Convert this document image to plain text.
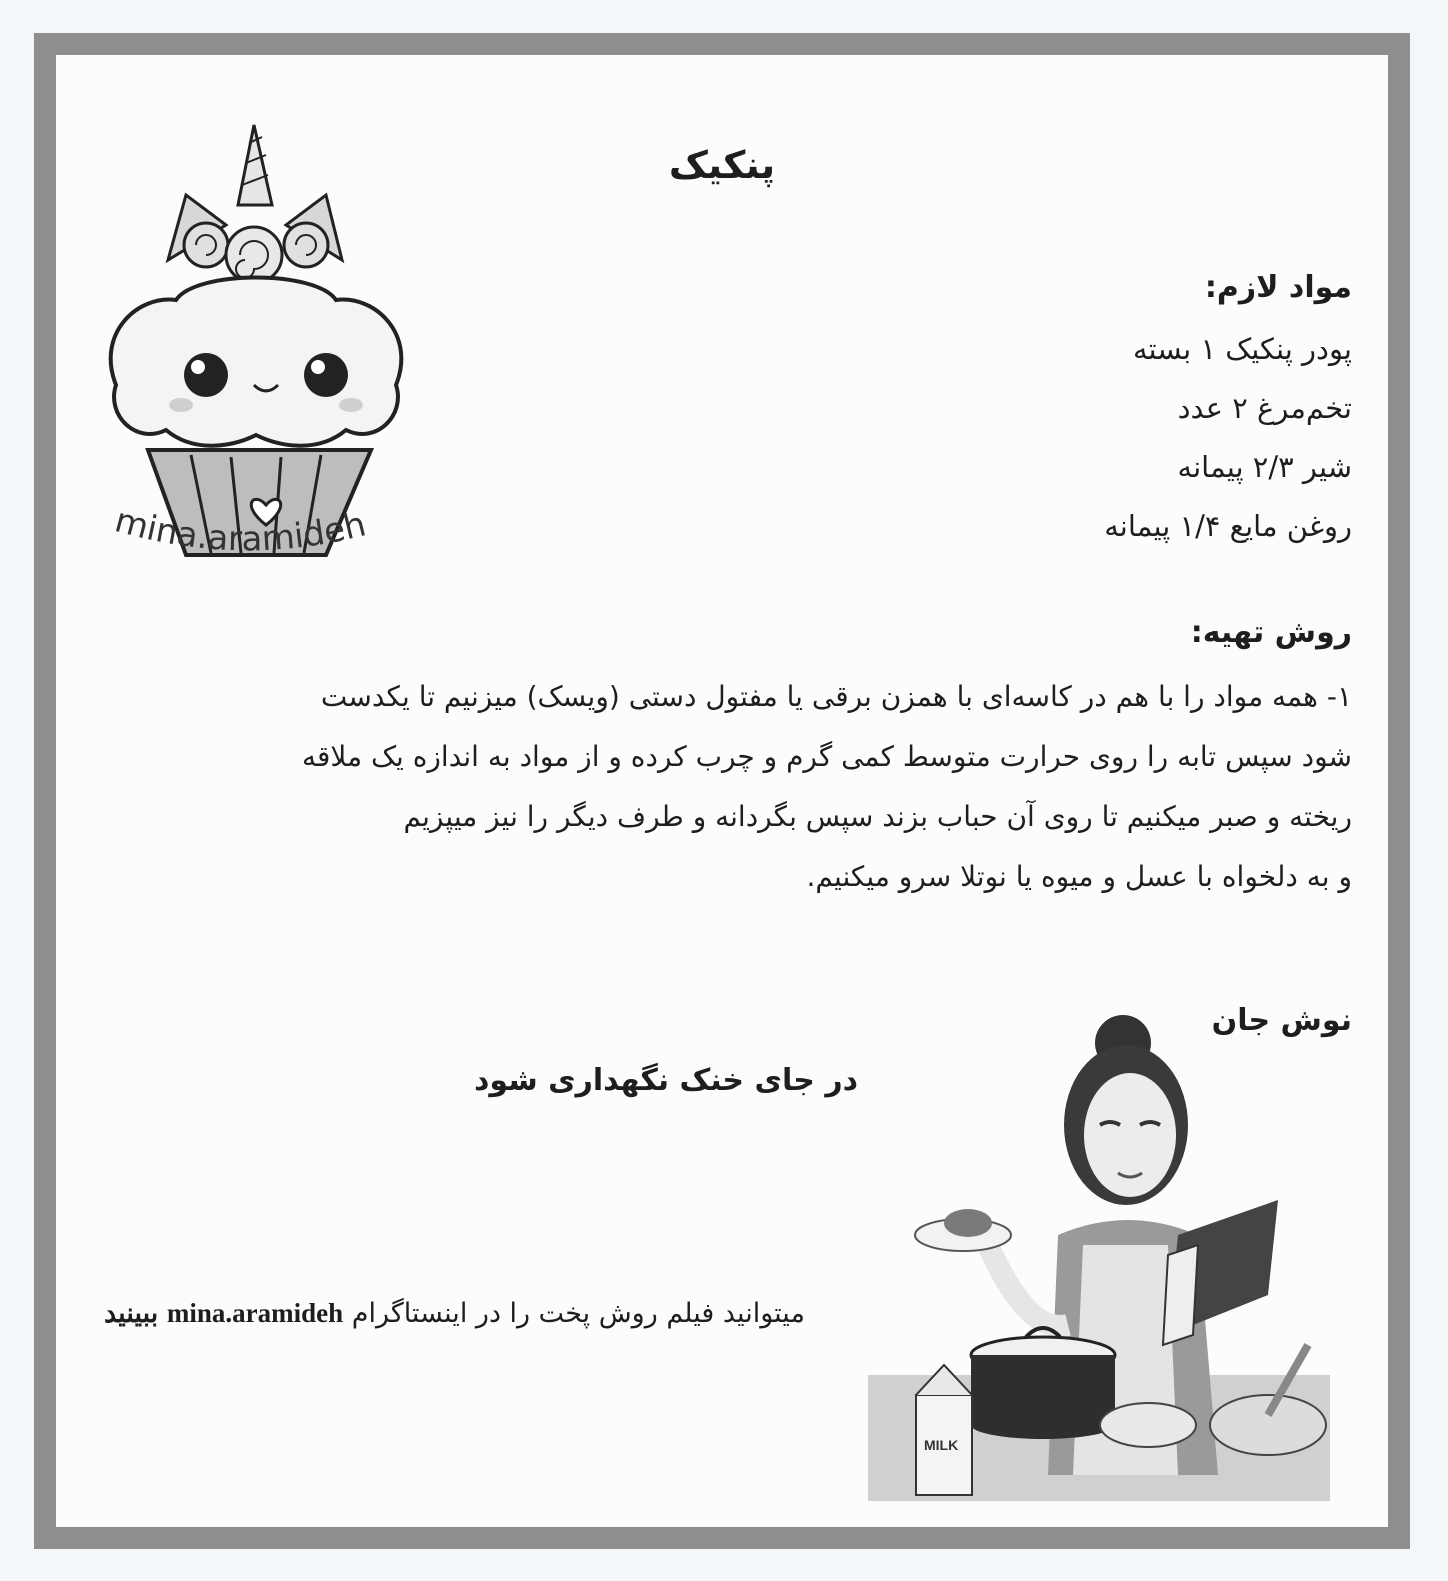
mina.aramideh
پنکیک
مواد لازم:
پودر پنکیک ۱ بسته
تخم‌مرغ ۲ عدد
شیر ۲/۳ پیمانه
روغن مایع ۱/۴ پیمانه
روش تهیه:
۱- همه مواد را با هم در کاسه‌ای با همزن برقی یا مفتول دستی (ویسک) میزنیم تا یکدست
شود سپس تابه را روی حرارت متوسط کمی گرم و چرب کرده و از مواد به اندازه یک ملاقه
ریخته و صبر میکنیم تا روی آن حباب بزند سپس بگردانه و طرف دیگر را نیز میپزیم
و به دلخواه با عسل و میوه یا نوتلا سرو میکنیم.
نوش جان
در جای خنک نگهداری شود
MILK
ببینید mina.aramideh میتوانید فیلم روش پخت را در اینستاگرام
